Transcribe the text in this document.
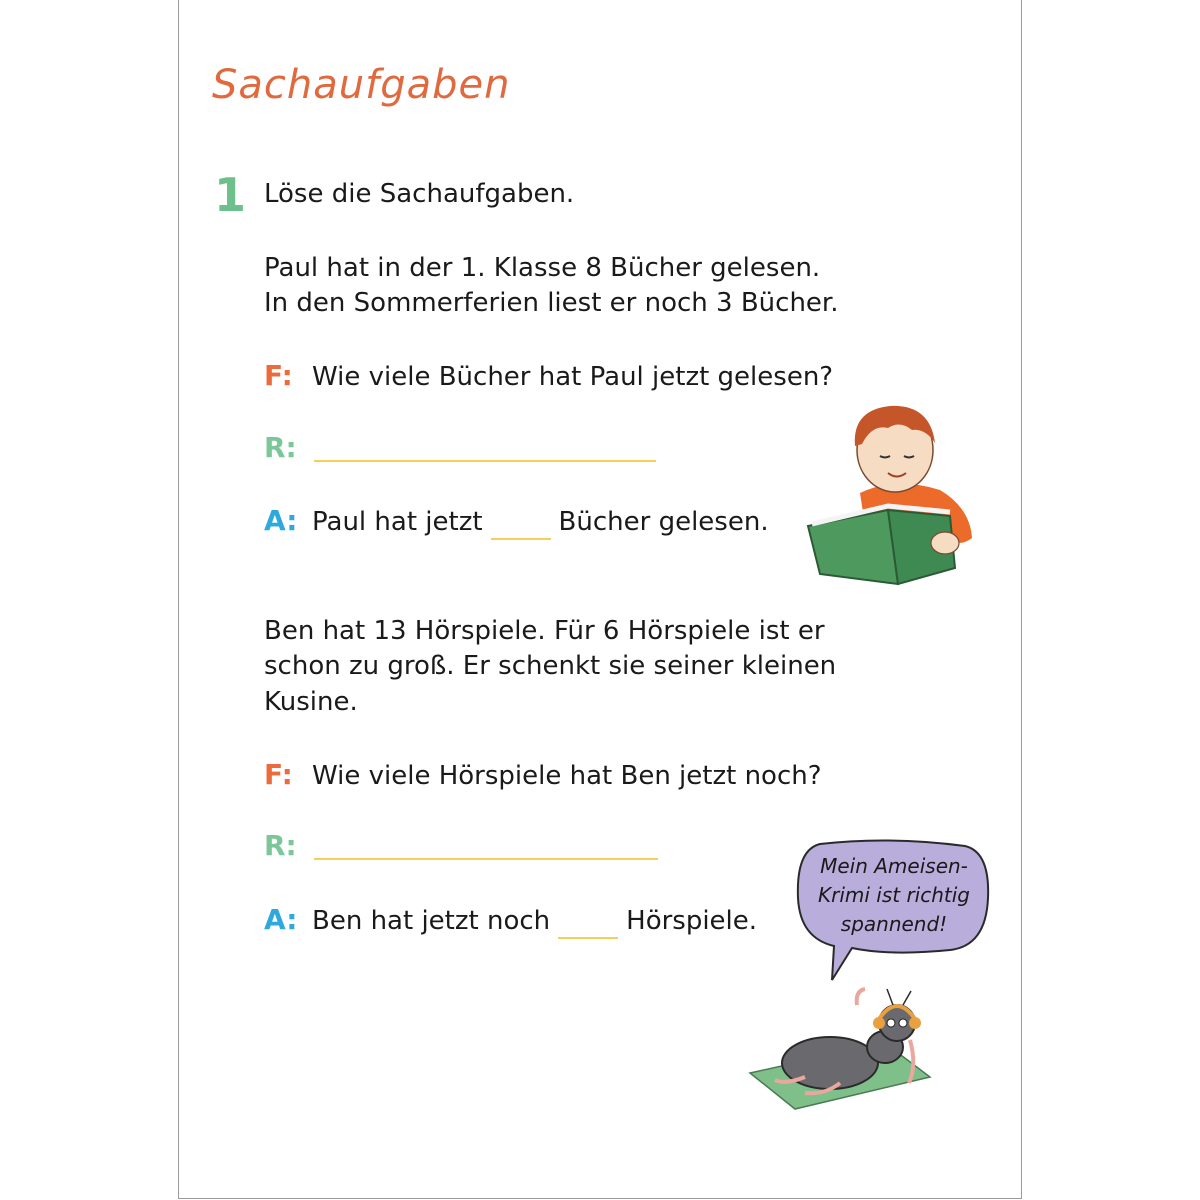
Sachaufgaben
1 Löse die Sachaufgaben.
Paul hat in der 1. Klasse 8 Bücher gelesen.
In den Sommerferien liest er noch 3 Bücher.
F: Wie viele Bücher hat Paul jetzt gelesen?
R:
A: Paul hat jetzt	Bücher gelesen.
Ben hat 13 Hörspiele. Für 6 Hörspiele ist er
schon zu groß. Er schenkt sie seiner kleinen
Kusine.
F: Wie viele Hörspiele hat Ben jetzt noch?
R:
A: Ben hat jetzt noch	Hörspiele.
Mein Ameisen-
Krimi ist richtig
spannend!
